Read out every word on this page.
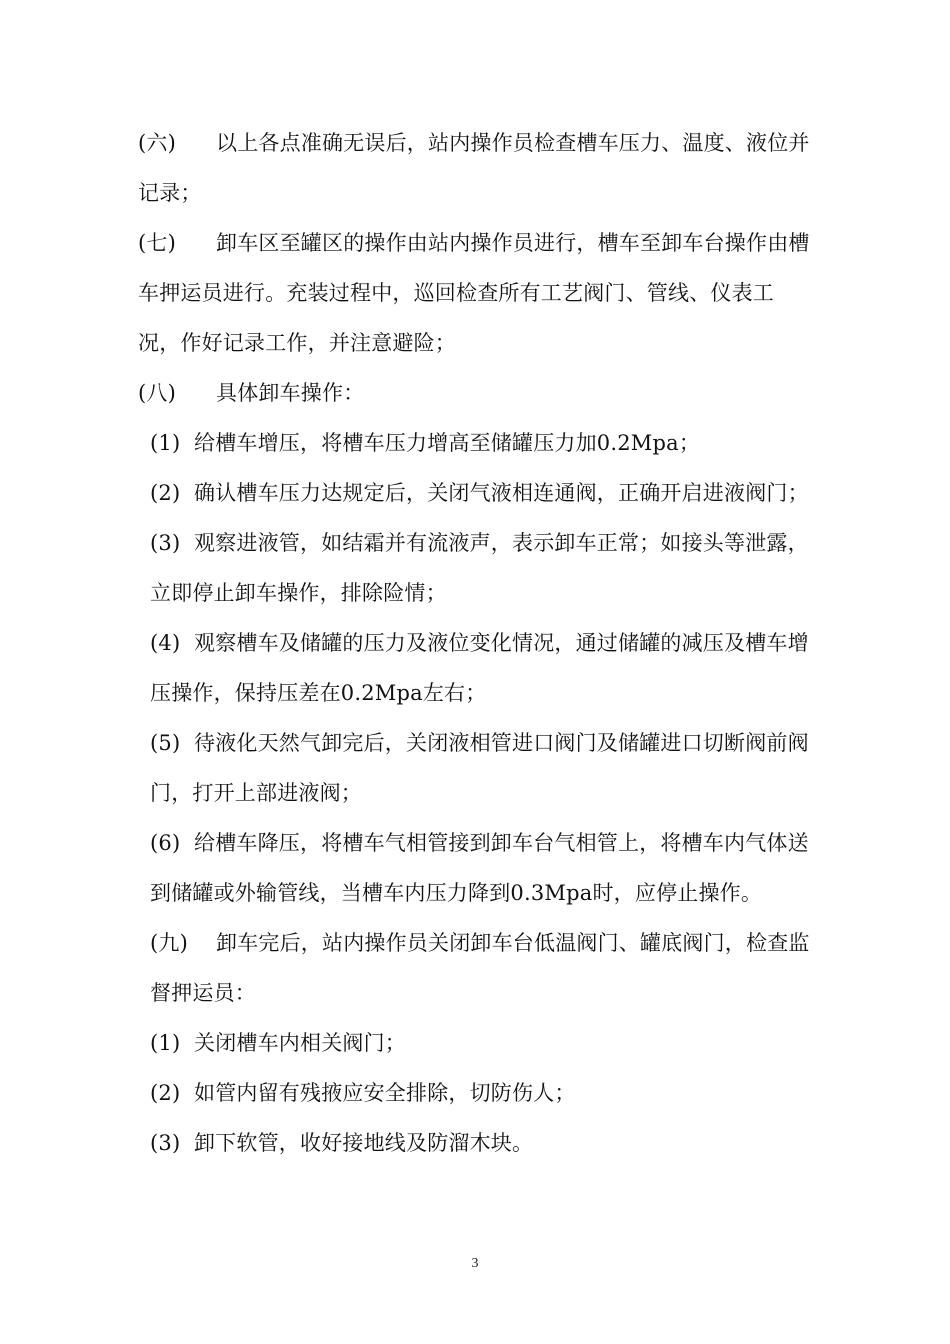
(六) 以上各点准确无误后，站内操作员检查槽车压力、温度、液位并记录；

(七) 卸车区至罐区的操作由站内操作员进行，槽车至卸车台操作由槽车押运员进行。充装过程中，巡回检查所有工艺阀门、管线、仪表工况，作好记录工作，并注意避险；

(八) 具体卸车操作：

(1) 给槽车增压，将槽车压力增高至储罐压力加0.2Mpa；

(2) 确认槽车压力达规定后，关闭气液相连通阀，正确开启进液阀门；

(3) 观察进液管，如结霜并有流液声，表示卸车正常；如接头等泄露，立即停止卸车操作，排除险情；

(4) 观察槽车及储罐的压力及液位变化情况，通过储罐的减压及槽车增压操作，保持压差在0.2Mpa左右；

(5) 待液化天然气卸完后，关闭液相管进口阀门及储罐进口切断阀前阀门，打开上部进液阀；

(6) 给槽车降压，将槽车气相管接到卸车台气相管上，将槽车内气体送到储罐或外输管线，当槽车内压力降到0.3Mpa时，应停止操作。

(九) 卸车完后，站内操作员关闭卸车台低温阀门、罐底阀门，检查监督押运员：

(1) 关闭槽车内相关阀门；

(2) 如管内留有残掖应安全排除，切防伤人；

(3) 卸下软管，收好接地线及防溜木块。

3
